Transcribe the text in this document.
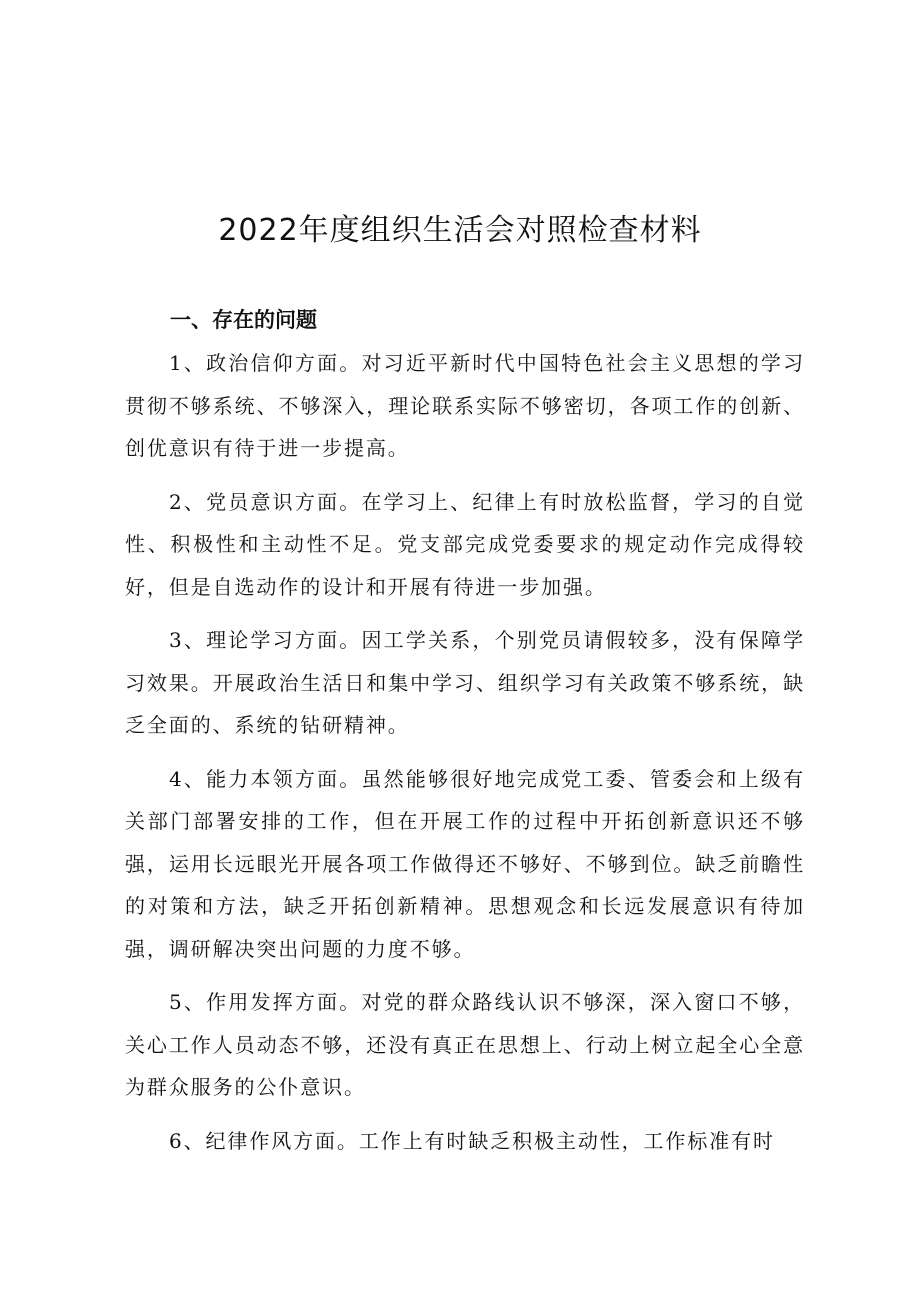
2022年度组织生活会对照检查材料
一、存在的问题

1、政治信仰方面。对习近平新时代中国特色社会主义思想的学习贯彻不够系统、不够深入，理论联系实际不够密切，各项工作的创新、创优意识有待于进一步提高。

2、党员意识方面。在学习上、纪律上有时放松监督，学习的自觉性、积极性和主动性不足。党支部完成党委要求的规定动作完成得较好，但是自选动作的设计和开展有待进一步加强。

3、理论学习方面。因工学关系，个别党员请假较多，没有保障学习效果。开展政治生活日和集中学习、组织学习有关政策不够系统，缺乏全面的、系统的钻研精神。

4、能力本领方面。虽然能够很好地完成党工委、管委会和上级有关部门部署安排的工作，但在开展工作的过程中开拓创新意识还不够强，运用长远眼光开展各项工作做得还不够好、不够到位。缺乏前瞻性的对策和方法，缺乏开拓创新精神。思想观念和长远发展意识有待加强，调研解决突出问题的力度不够。

5、作用发挥方面。对党的群众路线认识不够深，深入窗口不够，关心工作人员动态不够，还没有真正在思想上、行动上树立起全心全意为群众服务的公仆意识。

6、纪律作风方面。工作上有时缺乏积极主动性，工作标准有时
